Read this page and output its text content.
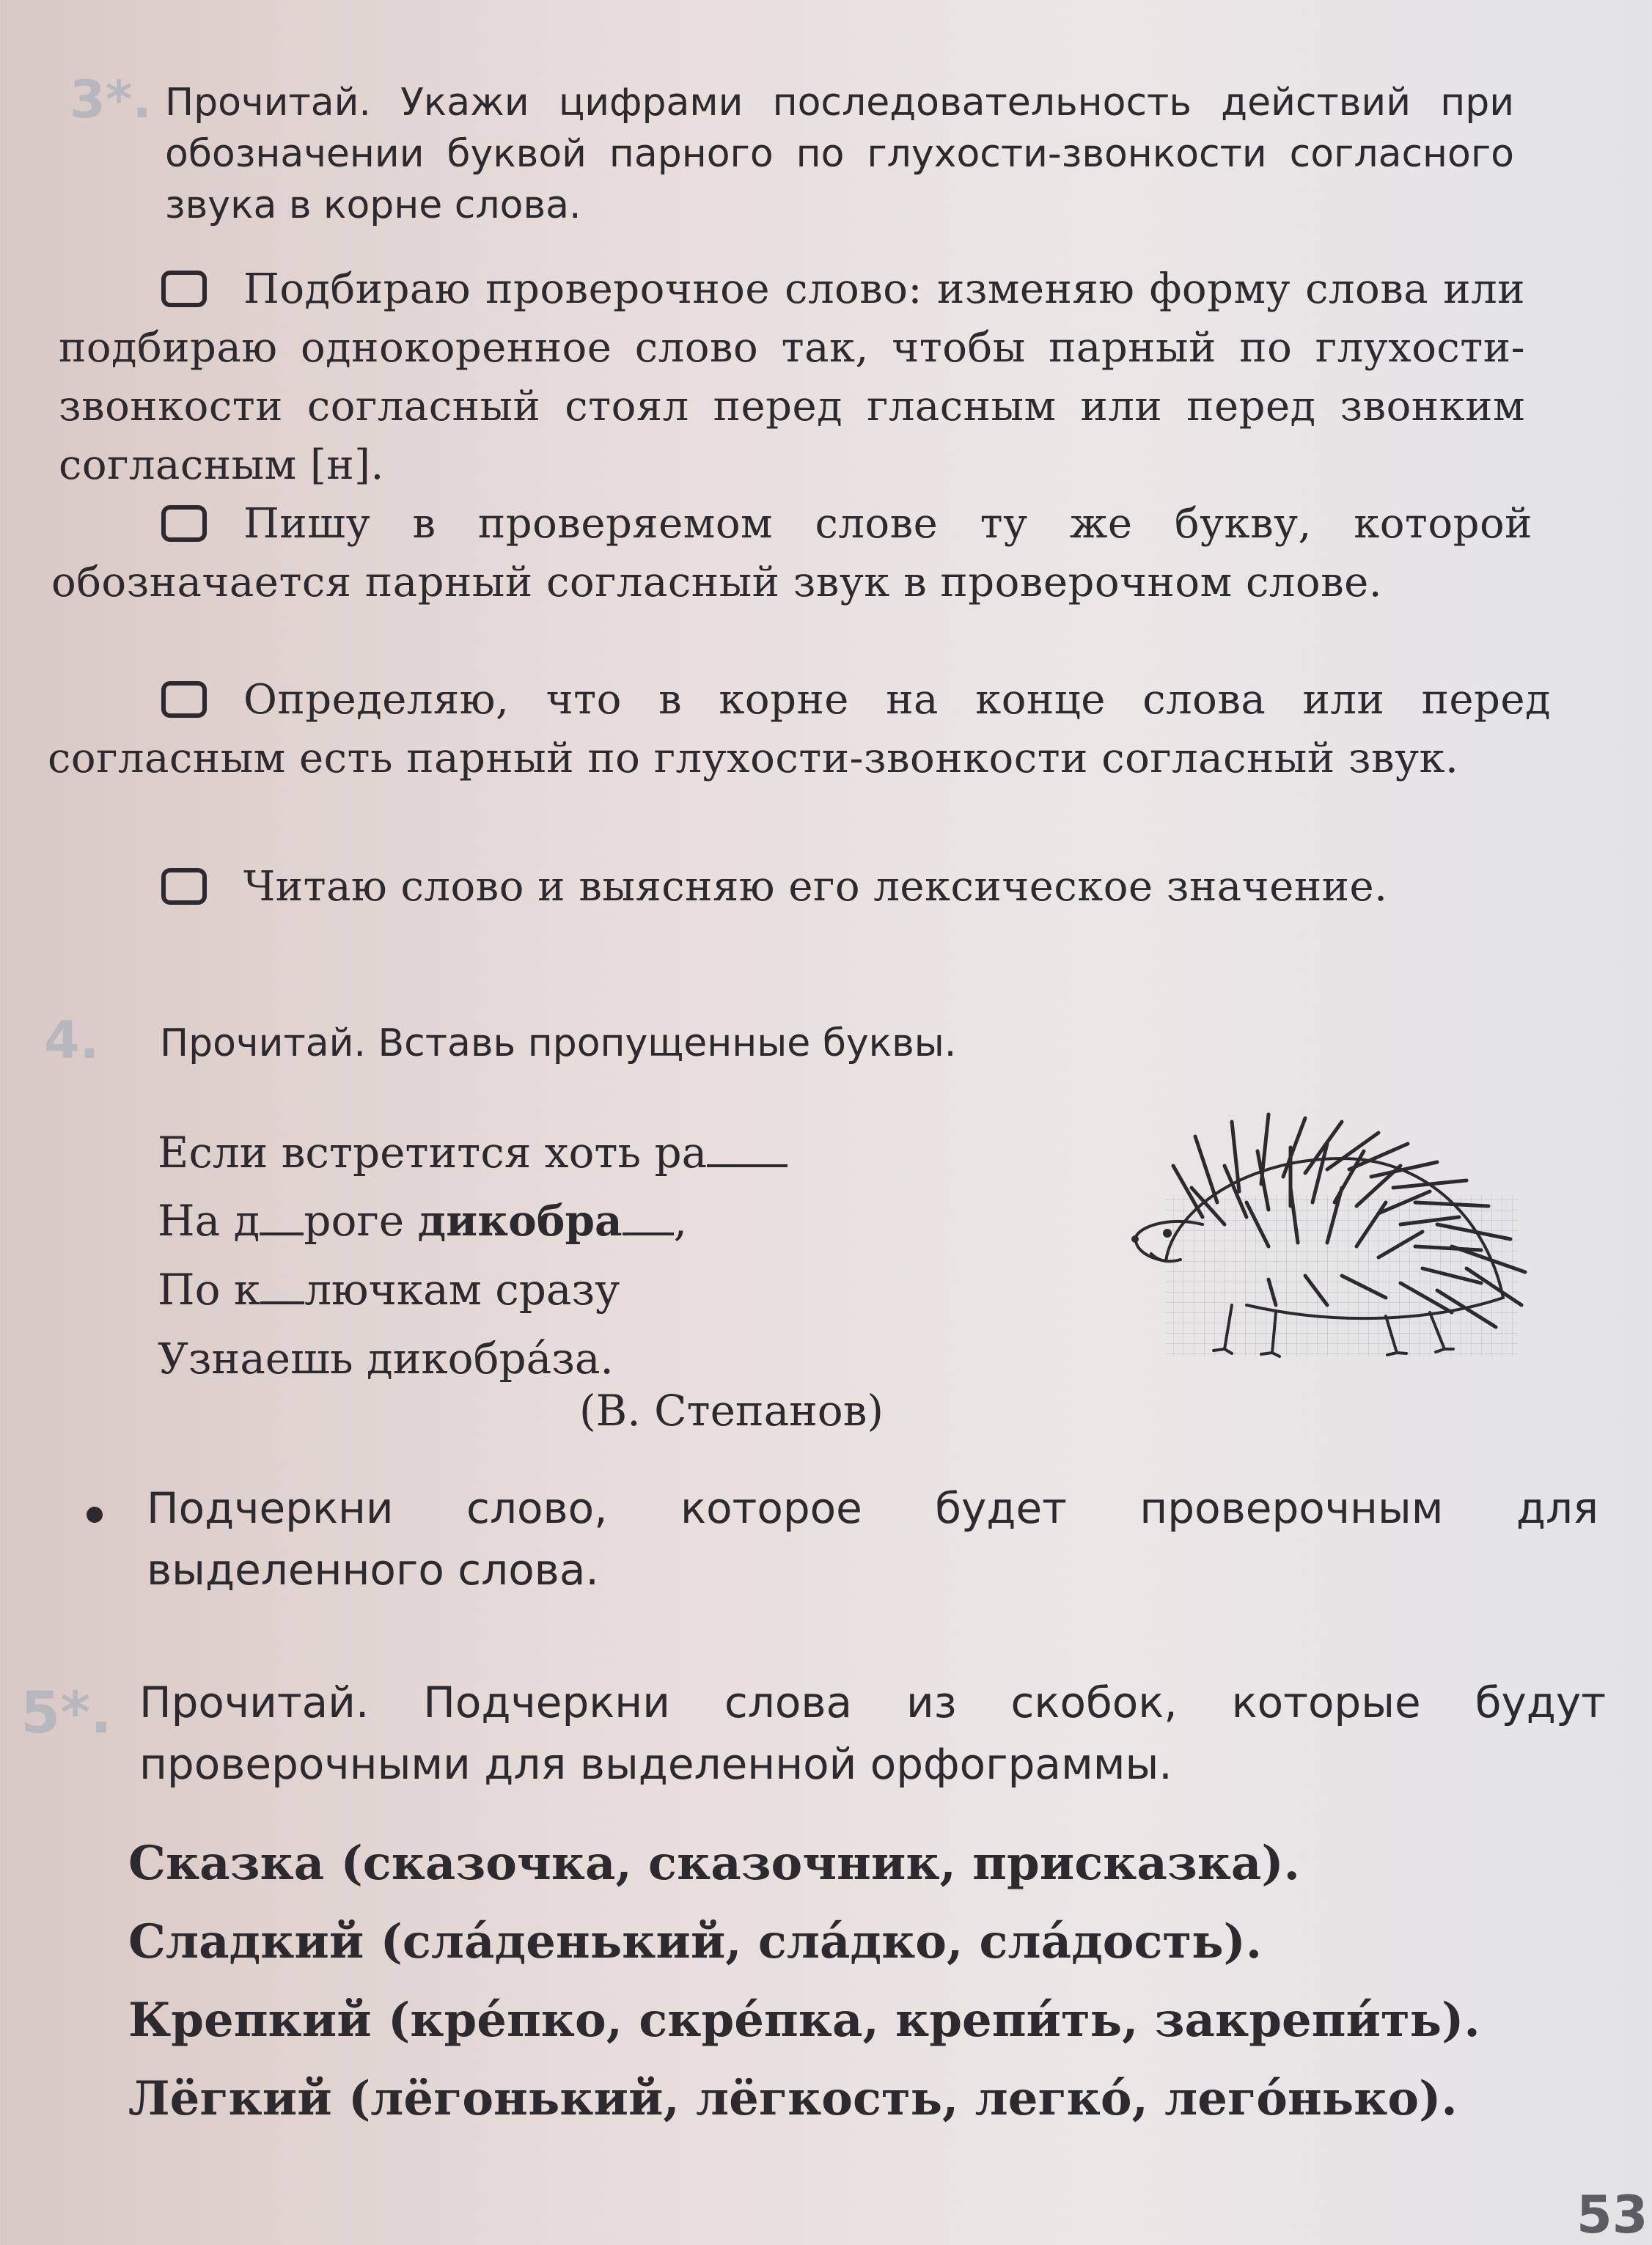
3*. Прочитай. Укажи цифрами последовательность действий при обозначении буквой парного по глухости-звонкости согласного звука в корне слова.
Подбираю проверочное слово: изменяю форму слова или подбираю однокоренное слово так, чтобы парный по глухости-звонкости согласный стоял перед гласным или перед звонким согласным [н].
Пишу в проверяемом слове ту же букву, которой обозначается парный согласный звук в проверочном слове.
Определяю, что в корне на конце слова или перед согласным есть парный по глухости-звонкости согласный звук.
Читаю слово и выясняю его лексическое значение.
4. Прочитай. Вставь пропущенные буквы.
Если встретится хоть ра
На д роге дикобра ,
По к лючкам сразу
Узнаешь дикобра́за.
(В. Степанов)
Подчеркни слово, которое будет проверочным для выделенного слова.
5*. Прочитай. Подчеркни слова из скобок, которые будут проверочными для выделенной орфограммы.
Сказка (сказочка, сказочник, присказка).
Сладкий (сла́денький, сла́дко, сла́дость).
Крепкий (кре́пко, скре́пка, крепи́ть, закрепи́ть).
Лёгкий (лёгонький, лёгкость, легко́, лего́нько).
53
